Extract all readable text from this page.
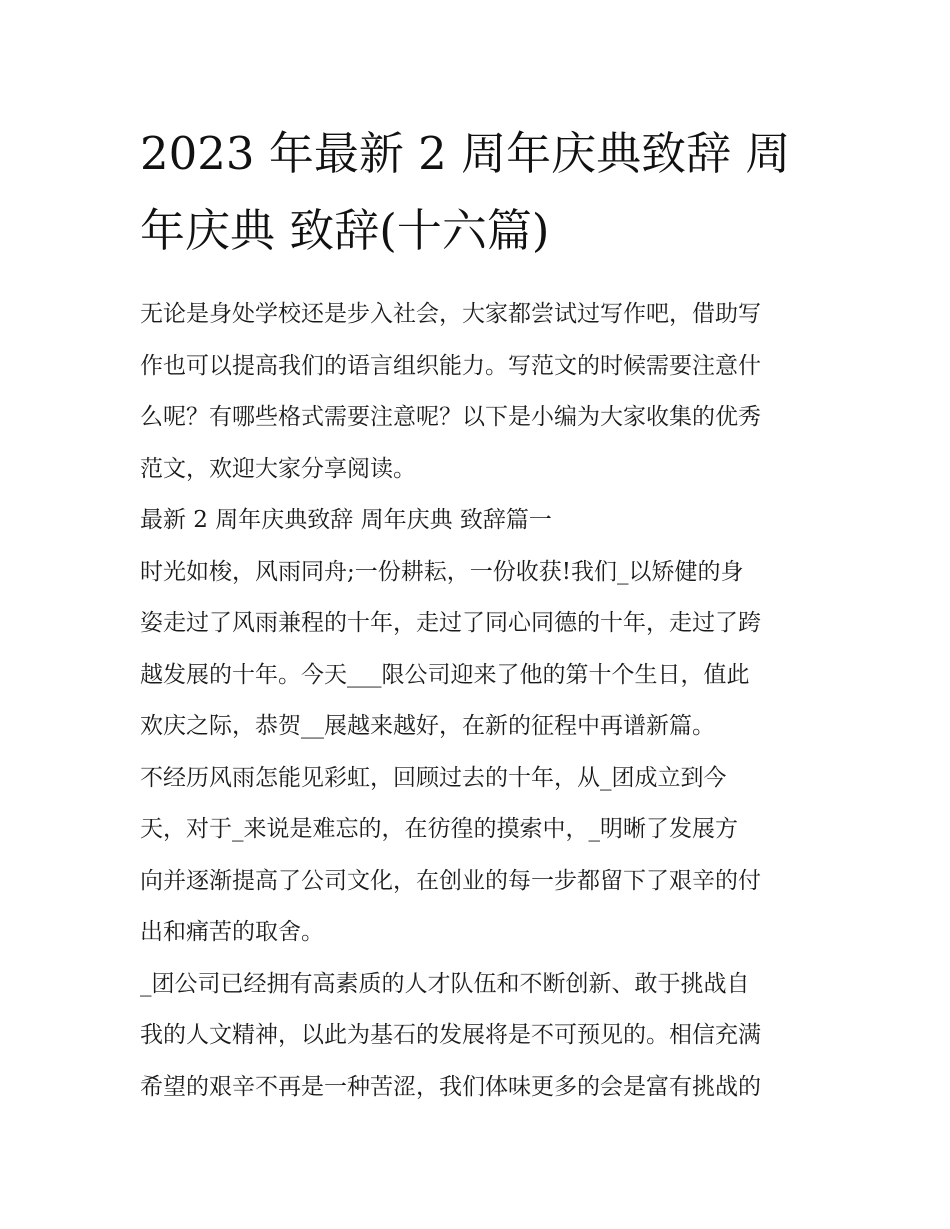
2023 年最新 2 周年庆典致辞 周
年庆典 致辞(十六篇)

无论是身处学校还是步入社会，大家都尝试过写作吧，借助写
作也可以提高我们的语言组织能力。写范文的时候需要注意什
么呢？有哪些格式需要注意呢？以下是小编为大家收集的优秀
范文，欢迎大家分享阅读。

最新 2 周年庆典致辞 周年庆典 致辞篇一

时光如梭，风雨同舟;一份耕耘，一份收获!我们_以矫健的身
姿走过了风雨兼程的十年，走过了同心同德的十年，走过了跨
越发展的十年。今天___限公司迎来了他的第十个生日，值此
欢庆之际，恭贺__展越来越好，在新的征程中再谱新篇。

不经历风雨怎能见彩虹，回顾过去的十年，从_团成立到今
天，对于_来说是难忘的，在彷徨的摸索中，_明晰了发展方
向并逐渐提高了公司文化，在创业的每一步都留下了艰辛的付
出和痛苦的取舍。

_团公司已经拥有高素质的人才队伍和不断创新、敢于挑战自
我的人文精神，以此为基石的发展将是不可预见的。相信充满
希望的艰辛不再是一种苦涩，我们体味更多的会是富有挑战的
